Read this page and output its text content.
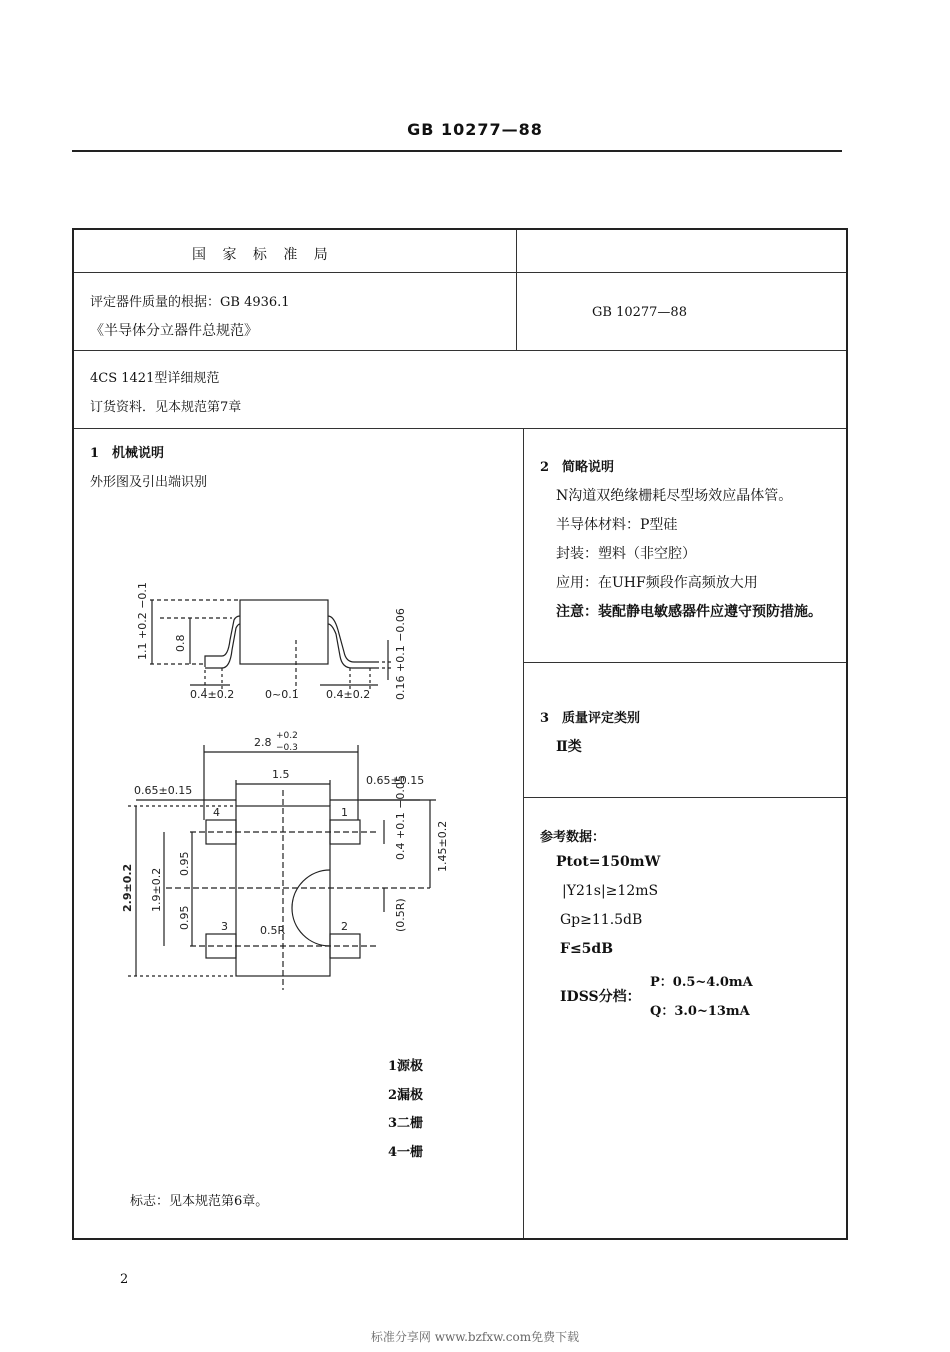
GB 10277—88
国 家 标 准 局
评定器件质量的根据：GB 4936.1
《半导体分立器件总规范》
GB 10277—88
4CS 1421型详细规范
订货资料．见本规范第7章
1　机械说明
外形图及引出端识别
1.1 +0.2 −0.1 0.8	0.16 +0.1 −0.06
0.4±0.2	0~0.1 0.4±0.2
2.8 +0.2
−0.3
1.5
0.65±0.15
0.65±0.15
2.9±0.2 1.9±0.2
0.95
0.95
0.4 +0.1 −0.05	1.45±0.2
(0.5R)
0.5R
1
2
3
4
1源极
2漏极
3二栅
4一栅
标志：见本规范第6章。
2　简略说明
N沟道双绝缘栅耗尽型场效应晶体管。
半导体材料：P型硅
封装：塑料（非空腔）
应用：在UHF频段作高频放大用
注意：装配静电敏感器件应遵守预防措施。
3　质量评定类别
Ⅱ类
参考数据：
Ptot=150mW
|Y21s|≥12mS
Gp≥11.5dB
F≤5dB
IDSS分档：
P：0.5~4.0mA
Q：3.0~13mA
2
标准分享网 www.bzfxw.com免费下载
